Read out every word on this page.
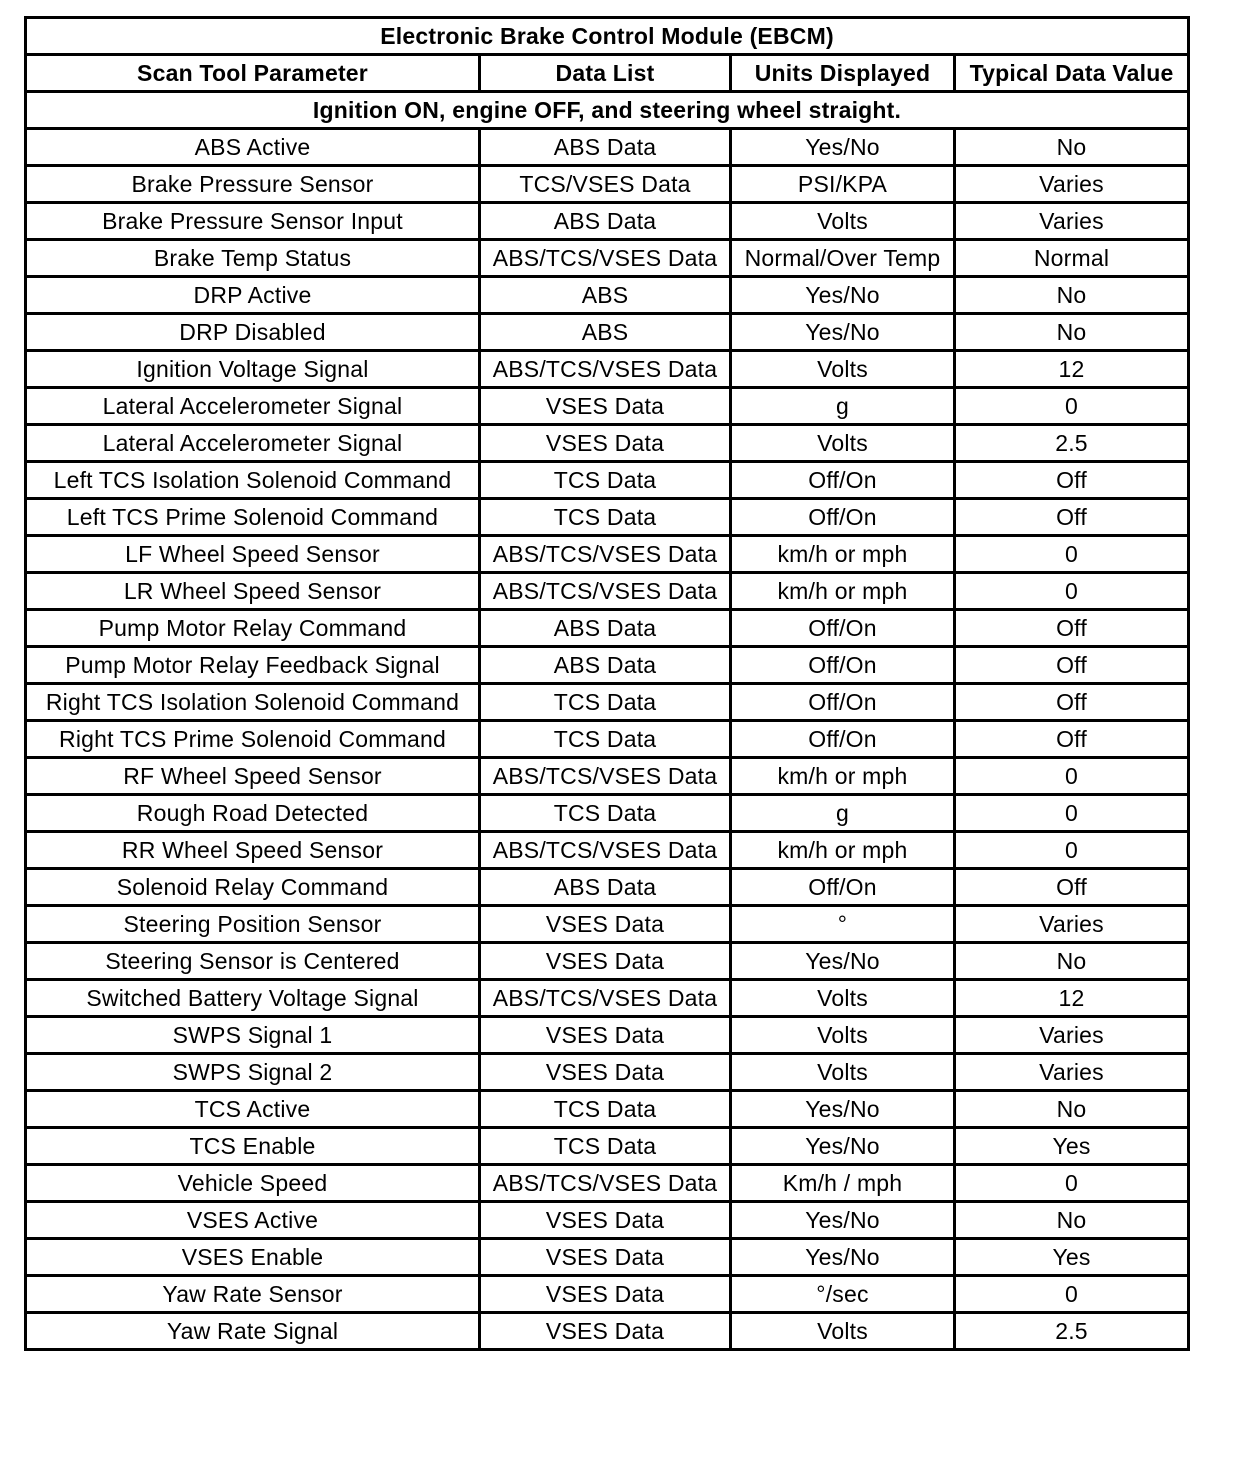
Electronic Brake Control Module (EBCM)			
Scan Tool Parameter	Data List	Units Displayed	Typical Data Value
Ignition ON, engine OFF, and steering wheel straight.			
ABS Active	ABS Data	Yes/No	No
Brake Pressure Sensor	TCS/VSES Data	PSI/KPA	Varies
Brake Pressure Sensor Input	ABS Data	Volts	Varies
Brake Temp Status	ABS/TCS/VSES Data	Normal/Over Temp	Normal
DRP Active	ABS	Yes/No	No
DRP Disabled	ABS	Yes/No	No
Ignition Voltage Signal	ABS/TCS/VSES Data	Volts	12
Lateral Accelerometer Signal	VSES Data	g	0
Lateral Accelerometer Signal	VSES Data	Volts	2.5
Left TCS Isolation Solenoid Command	TCS Data	Off/On	Off
Left TCS Prime Solenoid Command	TCS Data	Off/On	Off
LF Wheel Speed Sensor	ABS/TCS/VSES Data	km/h or mph	0
LR Wheel Speed Sensor	ABS/TCS/VSES Data	km/h or mph	0
Pump Motor Relay Command	ABS Data	Off/On	Off
Pump Motor Relay Feedback Signal	ABS Data	Off/On	Off
Right TCS Isolation Solenoid Command	TCS Data	Off/On	Off
Right TCS Prime Solenoid Command	TCS Data	Off/On	Off
RF Wheel Speed Sensor	ABS/TCS/VSES Data	km/h or mph	0
Rough Road Detected	TCS Data	g	0
RR Wheel Speed Sensor	ABS/TCS/VSES Data	km/h or mph	0
Solenoid Relay Command	ABS Data	Off/On	Off
Steering Position Sensor	VSES Data	°	Varies
Steering Sensor is Centered	VSES Data	Yes/No	No
Switched Battery Voltage Signal	ABS/TCS/VSES Data	Volts	12
SWPS Signal 1	VSES Data	Volts	Varies
SWPS Signal 2	VSES Data	Volts	Varies
TCS Active	TCS Data	Yes/No	No
TCS Enable	TCS Data	Yes/No	Yes
Vehicle Speed	ABS/TCS/VSES Data	Km/h / mph	0
VSES Active	VSES Data	Yes/No	No
VSES Enable	VSES Data	Yes/No	Yes
Yaw Rate Sensor	VSES Data	°/sec	0
Yaw Rate Signal	VSES Data	Volts	2.5
